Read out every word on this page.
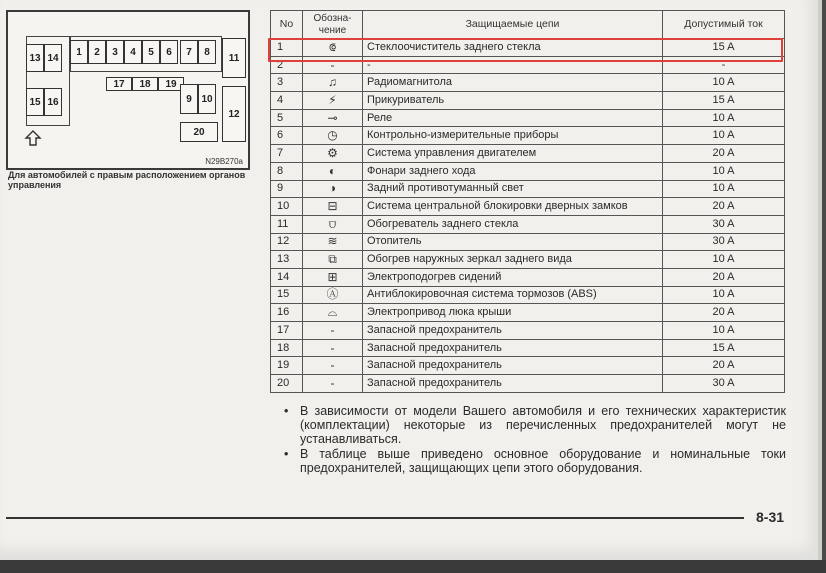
13 14
1	2	3	4	5	6	7	8
11
17	18	19
15 16	9 10
12
20
N29B270a
Для автомобилей с правым расположением органов управления
No	Обозна-чение	Защищаемые цепи	Допустимый ток
1	⟃	Стеклоочиститель заднего стекла	15 A
2	-	-	-
3	♫	Радиомагнитола	10 A
4	⚡	Прикуриватель	15 A
5	⊸	Реле	10 A
6	◷	Контрольно-измерительные приборы	10 A
7	⚙	Система управления двигателем	20 A
8	◐	Фонари заднего хода	10 A
9	◑	Задний противотуманный свет	10 A
10	⊟	Система центральной блокировки дверных замков	20 A
11	⩌	Обогреватель заднего стекла	30 A
12	≋	Отопитель	30 A
13	⧉	Обогрев наружных зеркал заднего вида	10 A
14	⊞	Электроподогрев сидений	20 A
15	Ⓐ	Антиблокировочная система тормозов (ABS)	10 A
16	⌓	Электропривод люка крыши	20 A
17	-	Запасной предохранитель	10 A
18	-	Запасной предохранитель	15 A
19	-	Запасной предохранитель	20 A
20	-	Запасной предохранитель	30 A
• В зависимости от модели Вашего автомобиля и его технических характеристик (комплектации) некоторые из перечисленных предохранителей могут не устанавливаться.
• В таблице выше приведено основное оборудование и номинальные токи предохранителей, защищающих цепи этого оборудования.
8-31
